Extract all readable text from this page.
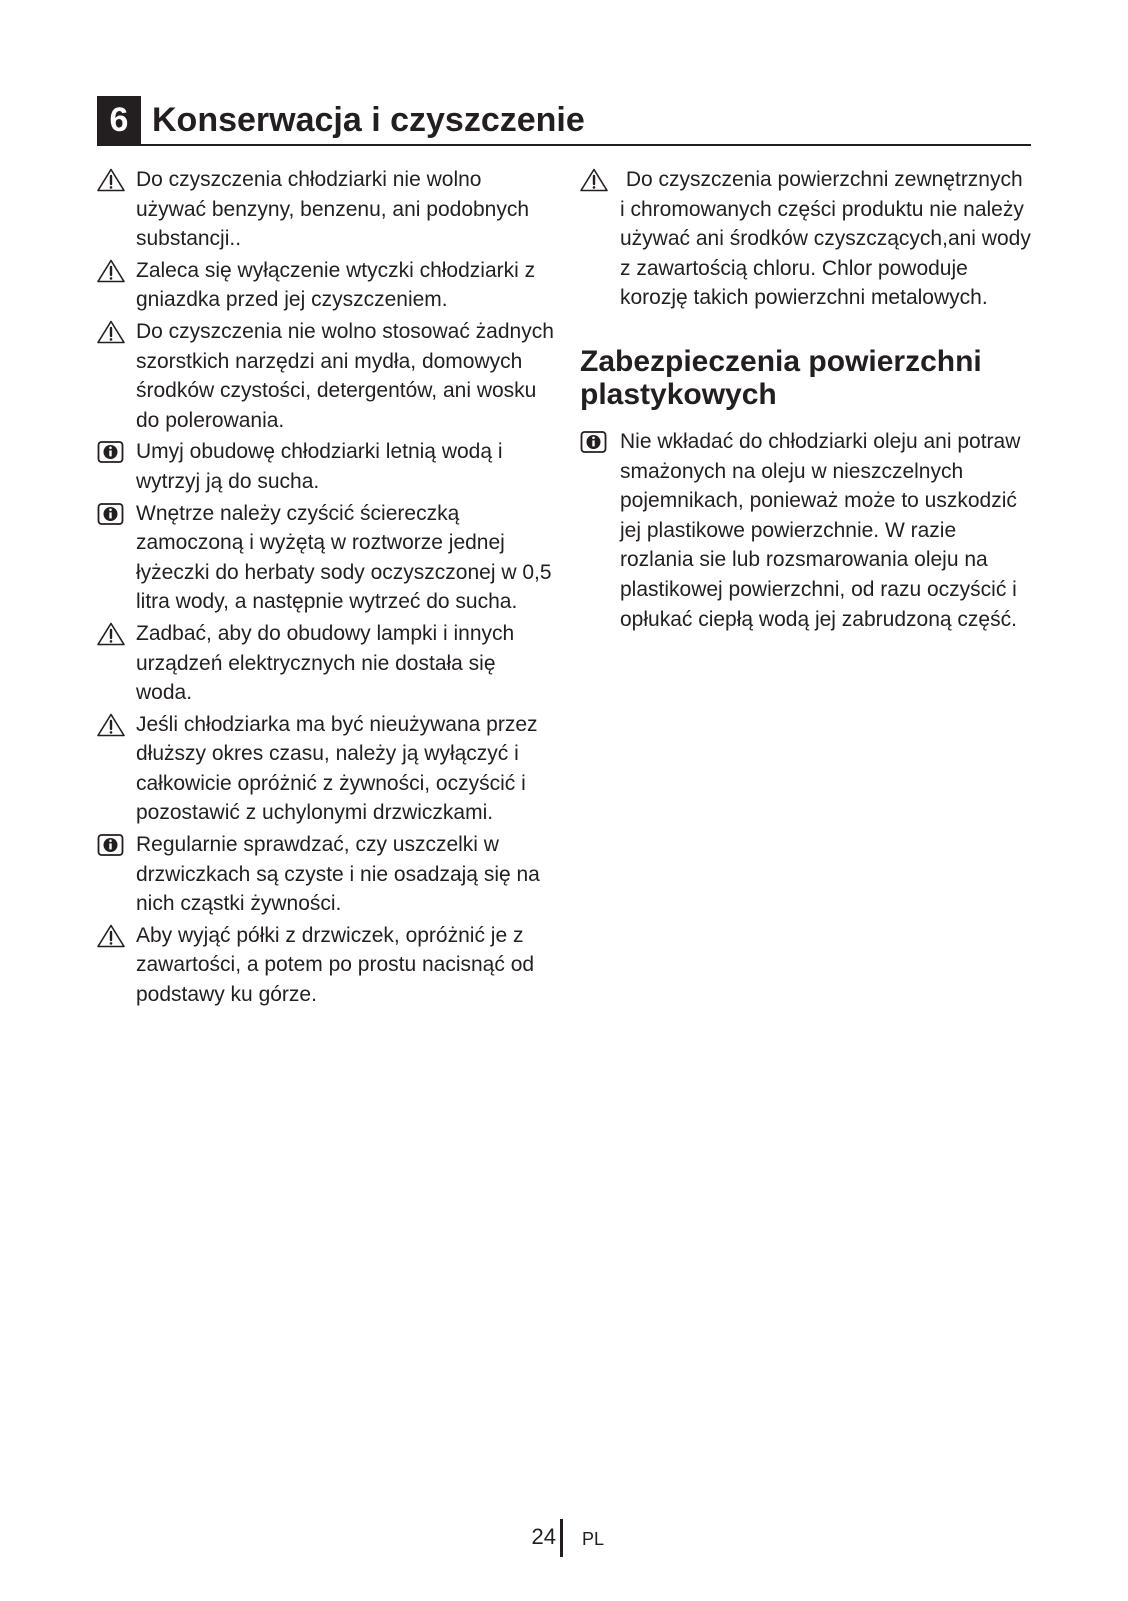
6 Konserwacja i czyszczenie
Do czyszczenia chłodziarki nie wolno używać benzyny, benzenu, ani podobnych substancji..
Zaleca się wyłączenie wtyczki chłodziarki z gniazdka przed jej czyszczeniem.
Do czyszczenia nie wolno stosować żadnych szorstkich narzędzi ani mydła, domowych środków czystości, detergentów, ani wosku do polerowania.
Umyj obudowę chłodziarki letnią wodą i wytrzyj ją do sucha.
Wnętrze należy czyścić ściereczką zamoczoną i wyżętą w roztworze jednej łyżeczki do herbaty sody oczyszczonej w 0,5 litra wody, a następnie wytrzeć do sucha.
Zadbać, aby do obudowy lampki i innych urządzeń elektrycznych nie dostała się woda.
Jeśli chłodziarka ma być nieużywana przez dłuższy okres czasu, należy ją wyłączyć i całkowicie opróżnić z żywności, oczyścić i pozostawić z uchylonymi drzwiczkami.
Regularnie sprawdzać, czy uszczelki w drzwiczkach są czyste i nie osadzają się na nich cząstki żywności.
Aby wyjąć półki z drzwiczek, opróżnić je z zawartości, a potem po prostu nacisnąć od podstawy ku górze.
Do czyszczenia powierzchni zewnętrznych i chromowanych części produktu nie należy używać ani środków czyszczących,ani wody z zawartością chloru. Chlor powoduje korozję takich powierzchni metalowych.
Zabezpieczenia powierzchni plastykowych
Nie wkładać do chłodziarki oleju ani potraw smażonych na oleju w nieszczelnych pojemnikach, ponieważ może to uszkodzić jej plastikowe powierzchnie. W razie rozlania sie lub rozsmarowania oleju na plastikowej powierzchni, od razu oczyścić i opłukać ciepłą wodą jej zabrudzoną część.
24 PL
